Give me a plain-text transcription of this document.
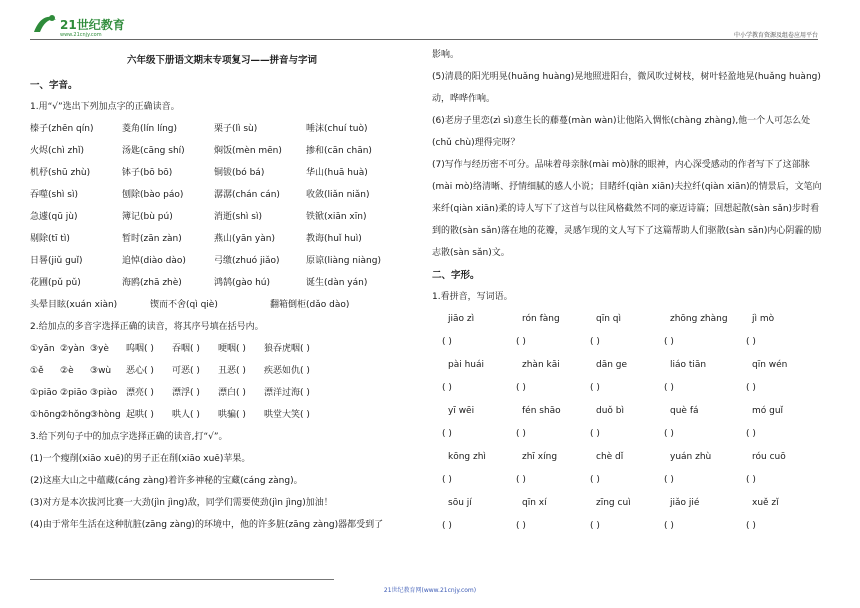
21世纪教育
www.21cnjy.com	中小学教育资源及组卷应用平台
六年级下册语文期末专项复习——拼音与字词
一、字音。
1.用“√”选出下列加点字的正确读音。
榛子(zhēn qín)	菱角(lín líng)	栗子(lì sù)	唾沫(chuí tuò)
火烬(chì zhǐ)	汤匙(cāng shí)	焖饭(mèn mēn)	掺和(cān chān)
机杼(shū zhù)	钵子(bō bō)	铜钹(bó bá)	华山(huā huà)
吞噬(shì sì)	刨除(bào páo)	潺潺(chán cán)	收敛(liǎn niǎn)
急遽(qū jù)	簿记(bù pú)	消逝(shì sì)	铁锨(xiān xīn)
剔除(tī tì)	暂时(zān zàn)	燕山(yān yàn)	教诲(huǐ huì)
日晷(jiǔ guǐ)	追悼(diào dào)	弓缴(zhuó jiǎo)	原谅(liàng niàng)
花圃(pǔ pǔ)	海鸥(zhā zhè)	鸿鹄(gào hú)	诞生(dàn yán)
头晕目眩(xuán xiàn)	锲而不舍(qì qiè)	翻箱倒柜(dǎo dào)
2.给加点的多音字选择正确的读音，将其序号填在括号内。
①yān ②yàn ③yè	呜咽( )	吞咽( )	哽咽( )	狼吞虎咽( )
①ě	②è	③wù	恶心( )	可恶( )	丑恶( )	疾恶如仇( )
①piāo ②piāo ③piào 漂亮( )	漂浮( )	漂白( )	漂洋过海( )
①hōng ②hǒng ③hòng 起哄( )	哄人( )	哄骗( )	哄堂大笑( )
3.给下列句子中的加点字选择正确的读音,打“√”。
(1)一个瘦削(xiāo xuē)的男子正在削(xiāo xuē)苹果。
(2)这座大山之中蕴藏(cáng zàng)着许多神秘的宝藏(cáng zàng)。
(3)对方是本次拔河比赛一大劲(jìn jìng)敌，同学们需要使劲(jìn jìng)加油！
(4)由于常年生活在这种肮脏(zāng zàng)的环境中，他的许多脏(zāng zàng)器都受到了
影响。
(5)清晨的阳光明晃(huǎng huàng)晃地照进阳台，微风吹过树枝，树叶轻盈地晃(huǎng huàng)动，哗哗作响。
(6)老房子里恋(zì sì)意生长的藤蔓(màn wàn)让他陷入惆怅(chàng zhàng),他一个人可怎么处(chǔ chù)理得完呀？
(7)写作与经历密不可分。品味着母亲脉(mài mò)脉的眼神，内心深受感动的作者写下了这部脉(mài mò)络清晰、抒情细腻的感人小说；目睹纤(qiàn xiān)夫拉纤(qiàn xiān)的情景后，文笔向来纤(qiàn xiān)柔的诗人写下了这首与以往风格截然不同的豪迈诗篇；回想起散(sàn sǎn)步时看到的散(sàn sǎn)落在地的花瓣，灵感乍现的文人写下了这篇帮助人们驱散(sàn sǎn)内心阴霾的励志散(sàn sǎn)文。
二、字形。
1.看拼音，写词语。
jiāo zì	rón fàng	qīn qì	zhōng zhàng	jì mò
( )	( )	( )	( )	( )
pài huái	zhàn kāi	dān ge	liáo tiān	qīn wén
( )	( )	( )	( )	( )
yī wēi	fén shāo	duǒ bì	què fá	mó guǐ
( )	( )	( )	( )	( )
kōng zhì	zhī xíng	chè dǐ	yuán zhù	róu cuō
( )	( )	( )	( )	( )
sōu jí	qīn xí	zīng cuì	jiǎo jié	xuě zǐ
( )	( )	( )	( )	( )
21世纪教育网(www.21cnjy.com)
